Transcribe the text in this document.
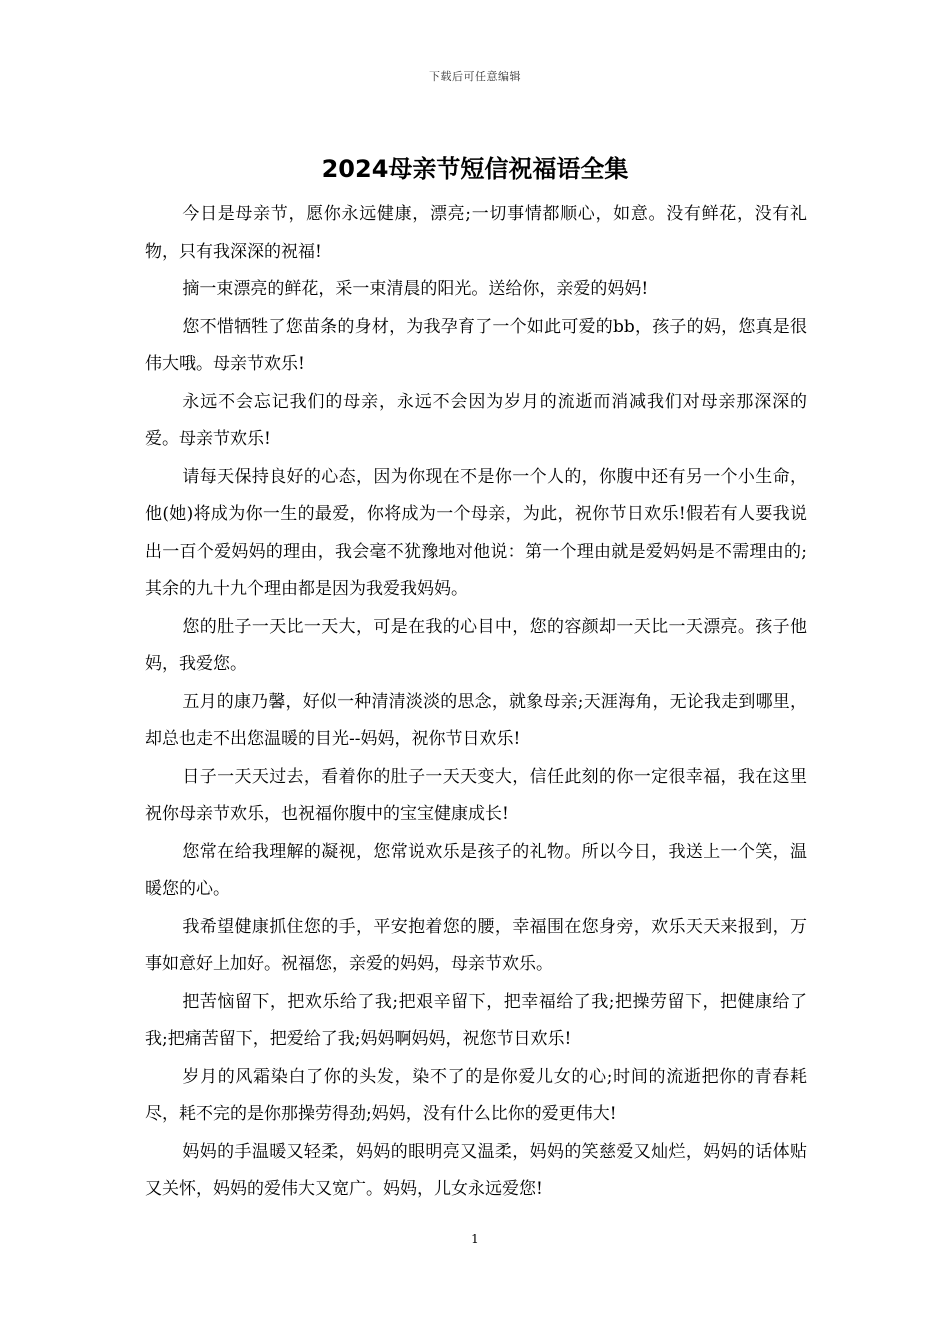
下载后可任意编辑
2024母亲节短信祝福语全集

今日是母亲节，愿你永远健康，漂亮;一切事情都顺心，如意。没有鲜花，没有礼物，只有我深深的祝福!

摘一束漂亮的鲜花，采一束清晨的阳光。送给你，亲爱的妈妈!

您不惜牺牲了您苗条的身材，为我孕育了一个如此可爱的bb，孩子的妈，您真是很伟大哦。母亲节欢乐!

永远不会忘记我们的母亲，永远不会因为岁月的流逝而消减我们对母亲那深深的爱。母亲节欢乐!

请每天保持良好的心态，因为你现在不是你一个人的，你腹中还有另一个小生命，他(她)将成为你一生的最爱，你将成为一个母亲，为此，祝你节日欢乐!假若有人要我说出一百个爱妈妈的理由，我会毫不犹豫地对他说：第一个理由就是爱妈妈是不需理由的;其余的九十九个理由都是因为我爱我妈妈。

您的肚子一天比一天大，可是在我的心目中，您的容颜却一天比一天漂亮。孩子他妈，我爱您。

五月的康乃馨，好似一种清清淡淡的思念，就象母亲;天涯海角，无论我走到哪里，却总也走不出您温暖的目光--妈妈，祝你节日欢乐!

日子一天天过去，看着你的肚子一天天变大，信任此刻的你一定很幸福，我在这里祝你母亲节欢乐，也祝福你腹中的宝宝健康成长!

您常在给我理解的凝视，您常说欢乐是孩子的礼物。所以今日，我送上一个笑，温暖您的心。

我希望健康抓住您的手，平安抱着您的腰，幸福围在您身旁，欢乐天天来报到，万事如意好上加好。祝福您，亲爱的妈妈，母亲节欢乐。

把苦恼留下，把欢乐给了我;把艰辛留下，把幸福给了我;把操劳留下，把健康给了我;把痛苦留下，把爱给了我;妈妈啊妈妈，祝您节日欢乐!

岁月的风霜染白了你的头发，染不了的是你爱儿女的心;时间的流逝把你的青春耗尽，耗不完的是你那操劳得劲;妈妈，没有什么比你的爱更伟大!

妈妈的手温暖又轻柔，妈妈的眼明亮又温柔，妈妈的笑慈爱又灿烂，妈妈的话体贴又关怀，妈妈的爱伟大又宽广。妈妈，儿女永远爱您!

1
